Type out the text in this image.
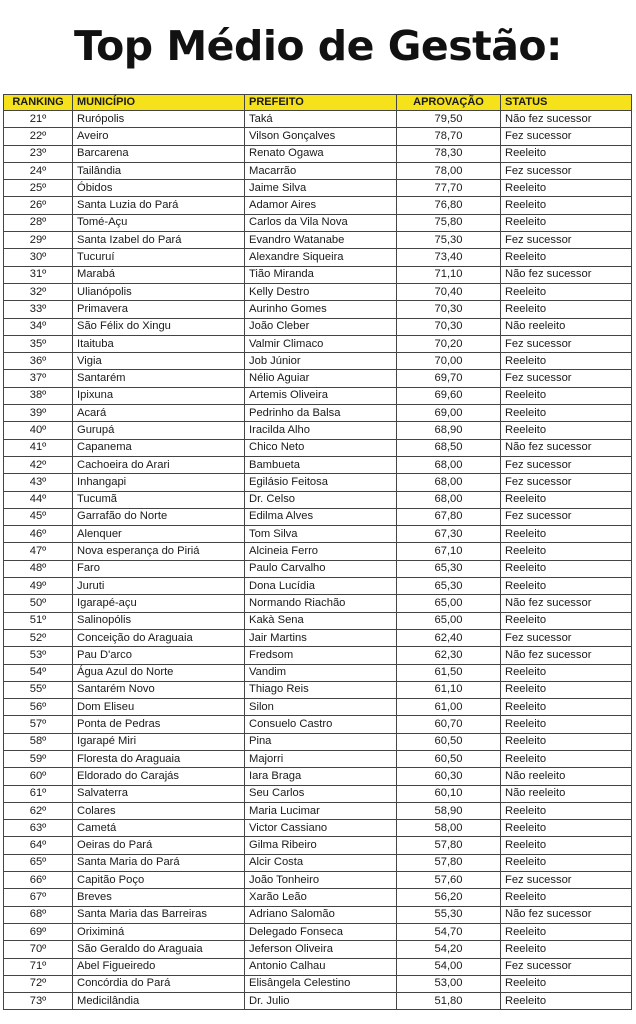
Top Médio de Gestão:
RANKING	MUNICÍPIO	PREFEITO	APROVAÇÃO	STATUS
21º	Rurópolis	Taká	79,50	Não fez sucessor
22º	Aveiro	Vilson Gonçalves	78,70	Fez sucessor
23º	Barcarena	Renato Ogawa	78,30	Reeleito
24º	Tailândia	Macarrão	78,00	Fez sucessor
25º	Óbidos	Jaime Silva	77,70	Reeleito
26º	Santa Luzia do Pará	Adamor Aires	76,80	Reeleito
28º	Tomé-Açu	Carlos da Vila Nova	75,80	Reeleito
29º	Santa Izabel do Pará	Evandro Watanabe	75,30	Fez sucessor
30º	Tucuruí	Alexandre Siqueira	73,40	Reeleito
31º	Marabá	Tião Miranda	71,10	Não fez sucessor
32º	Ulianópolis	Kelly Destro	70,40	Reeleito
33º	Primavera	Aurinho Gomes	70,30	Reeleito
34º	São Félix do Xingu	João Cleber	70,30	Não reeleito
35º	Itaituba	Valmir Climaco	70,20	Fez sucessor
36º	Vigia	Job Júnior	70,00	Reeleito
37º	Santarém	Nélio Aguiar	69,70	Fez sucessor
38º	Ipixuna	Artemis Oliveira	69,60	Reeleito
39º	Acará	Pedrinho da Balsa	69,00	Reeleito
40º	Gurupá	Iracilda Alho	68,90	Reeleito
41º	Capanema	Chico Neto	68,50	Não fez sucessor
42º	Cachoeira do Arari	Bambueta	68,00	Fez sucessor
43º	Inhangapi	Egilásio Feitosa	68,00	Fez sucessor
44º	Tucumã	Dr. Celso	68,00	Reeleito
45º	Garrafão do Norte	Edilma Alves	67,80	Fez sucessor
46º	Alenquer	Tom Silva	67,30	Reeleito
47º	Nova esperança do Piriá	Alcineia Ferro	67,10	Reeleito
48º	Faro	Paulo Carvalho	65,30	Reeleito
49º	Juruti	Dona Lucídia	65,30	Reeleito
50º	Igarapé-açu	Normando Riachão	65,00	Não fez sucessor
51º	Salinopólis	Kakà Sena	65,00	Reeleito
52º	Conceição do Araguaia	Jair Martins	62,40	Fez sucessor
53º	Pau D'arco	Fredsom	62,30	Não fez sucessor
54º	Água Azul do Norte	Vandim	61,50	Reeleito
55º	Santarém Novo	Thiago Reis	61,10	Reeleito
56º	Dom Eliseu	Silon	61,00	Reeleito
57º	Ponta de Pedras	Consuelo Castro	60,70	Reeleito
58º	Igarapé Miri	Pina	60,50	Reeleito
59º	Floresta do Araguaia	Majorri	60,50	Reeleito
60º	Eldorado do Carajás	Iara Braga	60,30	Não reeleito
61º	Salvaterra	Seu Carlos	60,10	Não reeleito
62º	Colares	Maria Lucimar	58,90	Reeleito
63º	Cametá	Victor Cassiano	58,00	Reeleito
64º	Oeiras do Pará	Gilma Ribeiro	57,80	Reeleito
65º	Santa Maria do Pará	Alcir Costa	57,80	Reeleito
66º	Capitão Poço	João Tonheiro	57,60	Fez sucessor
67º	Breves	Xarão Leão	56,20	Reeleito
68º	Santa Maria das Barreiras	Adriano Salomão	55,30	Não fez sucessor
69º	Oriximiná	Delegado Fonseca	54,70	Reeleito
70º	São Geraldo do Araguaia	Jeferson Oliveira	54,20	Reeleito
71º	Abel Figueiredo	Antonio Calhau	54,00	Fez sucessor
72º	Concórdia do Pará	Elisângela Celestino	53,00	Reeleito
73º	Medicilândia	Dr. Julio	51,80	Reeleito
